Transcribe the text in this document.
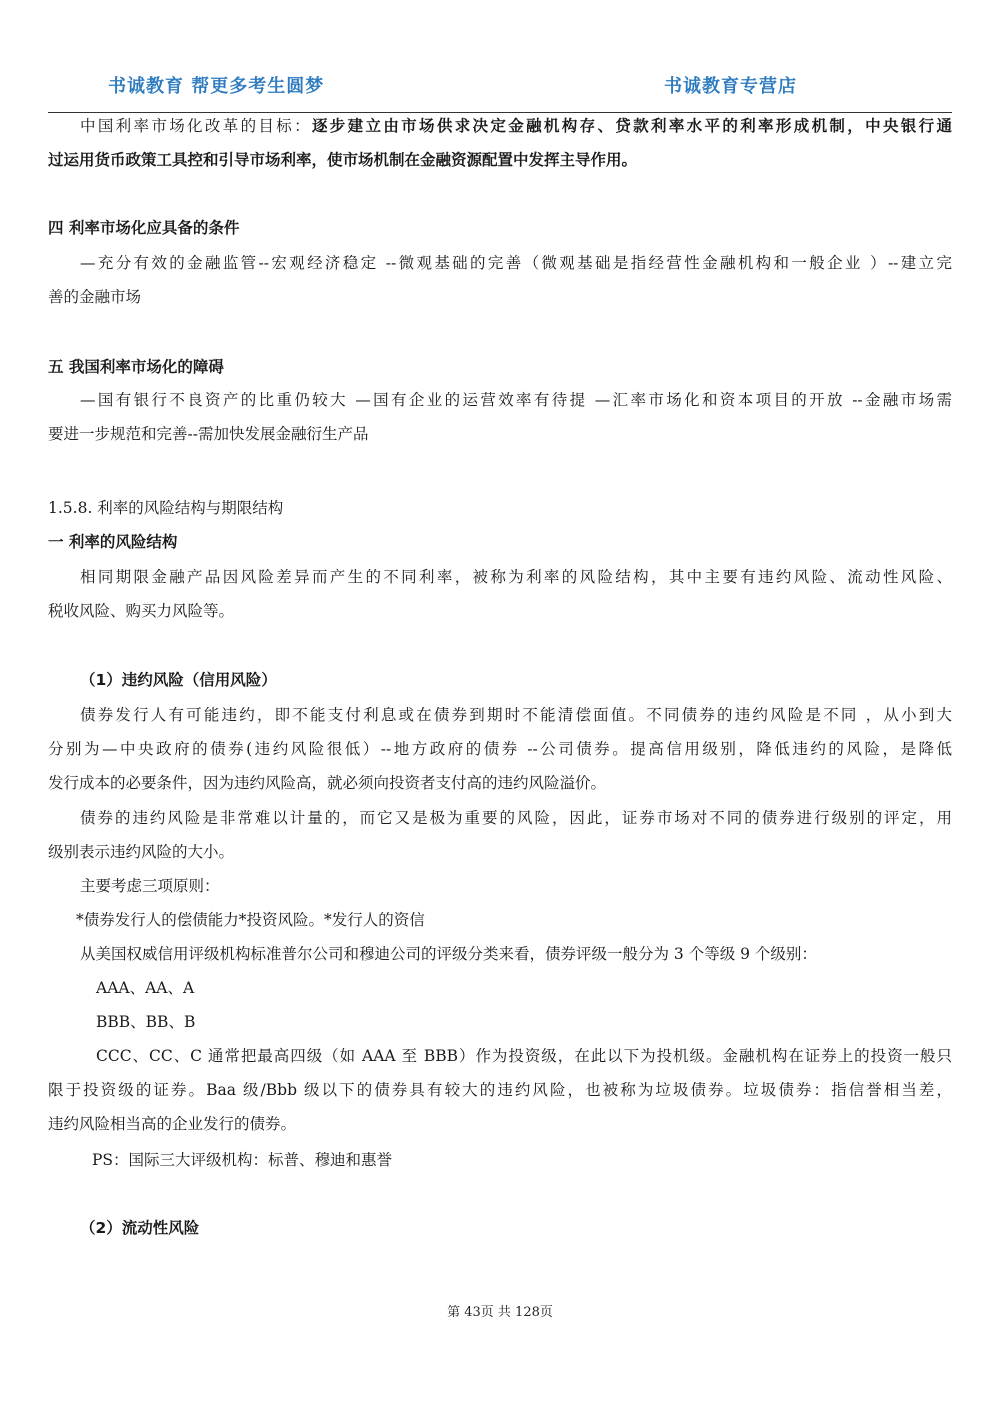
书诚教育 帮更多考生圆梦	书诚教育专营店
中国利率市场化改革的目标：逐步建立由市场供求决定金融机构存、贷款利率水平的利率形成机制，中央银行通
过运用货币政策工具控和引导市场利率，使市场机制在金融资源配置中发挥主导作用。
四 利率市场化应具备的条件
—充分有效的金融监管--宏观经济稳定 --微观基础的完善（微观基础是指经营性金融机构和一般企业 ）--建立完
善的金融市场
五 我国利率市场化的障碍
—国有银行不良资产的比重仍较大 —国有企业的运营效率有待提 —汇率市场化和资本项目的开放 --金融市场需
要进一步规范和完善--需加快发展金融衍生产品
1.5.8. 利率的风险结构与期限结构
一 利率的风险结构
相同期限金融产品因风险差异而产生的不同利率，被称为利率的风险结构，其中主要有违约风险、流动性风险、
税收风险、购买力风险等。
（1）违约风险（信用风险）
债券发行人有可能违约，即不能支付利息或在债券到期时不能清偿面值。不同债券的违约风险是不同 ，从小到大
分别为—中央政府的债券(违约风险很低）--地方政府的债券 --公司债券。提高信用级别，降低违约的风险，是降低
发行成本的必要条件，因为违约风险高，就必须向投资者支付高的违约风险溢价。
债券的违约风险是非常难以计量的，而它又是极为重要的风险，因此，证券市场对不同的债券进行级别的评定，用
级别表示违约风险的大小。
主要考虑三项原则：
*债券发行人的偿债能力*投资风险。*发行人的资信
从美国权威信用评级机构标准普尔公司和穆迪公司的评级分类来看，债券评级一般分为 3 个等级 9 个级别：
AAA、AA、A
BBB、BB、B
CCC、CC、C 通常把最高四级（如 AAA 至 BBB）作为投资级，在此以下为投机级。金融机构在证券上的投资一般只
限于投资级的证券。Baa 级/Bbb 级以下的债券具有较大的违约风险，也被称为垃圾债券。垃圾债券：指信誉相当差，
违约风险相当高的企业发行的债券。
PS：国际三大评级机构：标普、穆迪和惠誉
（2）流动性风险
第 43页 共 128页
